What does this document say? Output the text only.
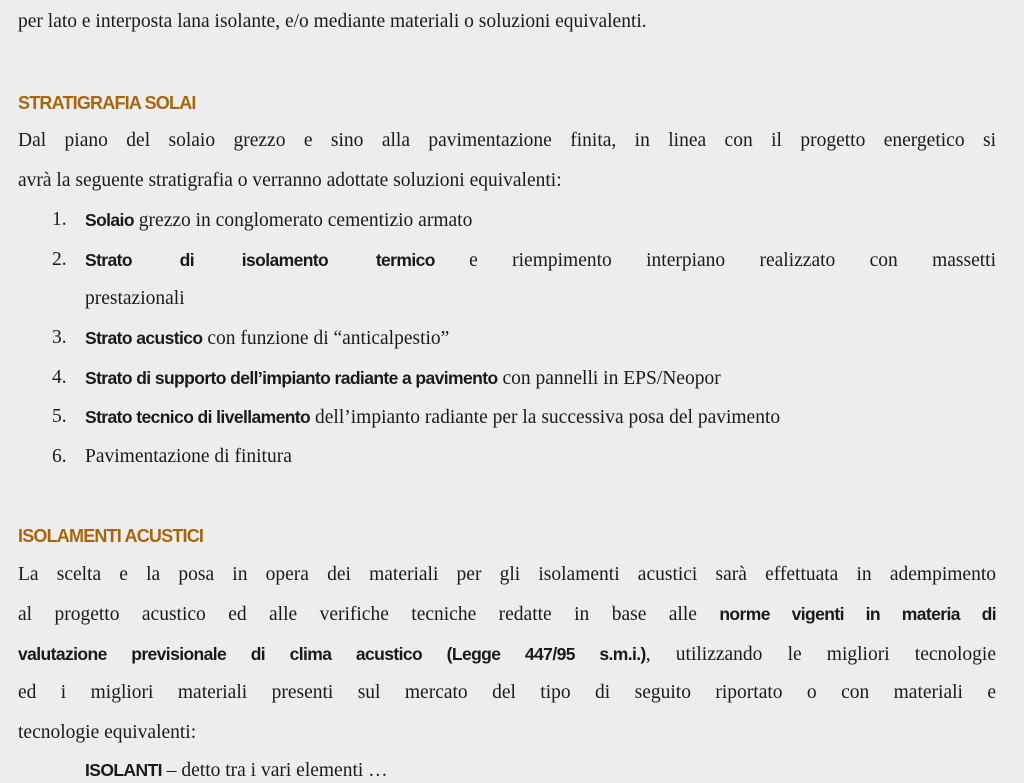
per lato e interposta lana isolante, e/o mediante materiali o soluzioni equivalenti.
STRATIGRAFIA SOLAI
Dal piano del solaio grezzo e sino alla pavimentazione finita, in linea con il progetto energetico si
avrà la seguente stratigrafia o verranno adottate soluzioni equivalenti:
1. Solaio grezzo in conglomerato cementizio armato
2. Strato di isolamento termico e riempimento interpiano realizzato con massetti
prestazionali
3. Strato acustico con funzione di “anticalpestio”
4. Strato di supporto dell’impianto radiante a pavimento con pannelli in EPS/Neopor
5. Strato tecnico di livellamento dell’impianto radiante per la successiva posa del pavimento
6. Pavimentazione di finitura
ISOLAMENTI ACUSTICI
La scelta e la posa in opera dei materiali per gli isolamenti acustici sarà effettuata in adempimento
al progetto acustico ed alle verifiche tecniche redatte in base alle norme vigenti in materia di
valutazione previsionale di clima acustico (Legge 447/95 s.m.i.), utilizzando le migliori tecnologie
ed i migliori materiali presenti sul mercato del tipo di seguito riportato o con materiali e
tecnologie equivalenti:
ISOLANTI – detto tra i vari elementi …
